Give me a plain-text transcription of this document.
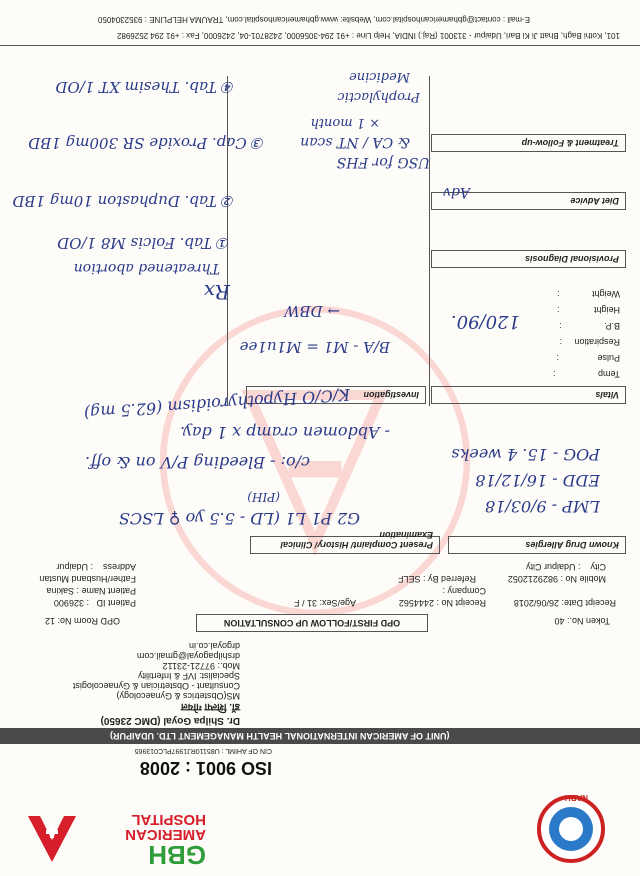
NABH
GBH
AMERICAN
HOSPITAL
ISO 9001 : 2008
CIN OF AHIML : U85110RJ1997PLC013965
(UNIT OF AMERICAN INTERNATIONAL HEALTH MANAGEMENT LTD. UDAIPUR)
Dr. Shilpa Goyal (DMC 23650)
डॉ. शिल्पा गोयल
MS(Obstetrics & Gynaecology)
Consultant - Obstetrician & Gynaecologist
Specialist: IVF & Infertility
Mob.: 97721-23112
drshilpagoyal@gmail.com
drgoyal.co.in
Token No.: 40
OPD FIRST/FOLLOW UP CONSULTATION
OPD Room No: 12
Receipt Date: 26/06/2018
Receipt No : 2444562
Age/Sex: 31 / F
Patient ID   : 326900
Company :
Patient Name : Sakina
Mobile No : 9829212052
Referred By : SELF
Father/Husband Mustan
City    : Udaipur City
Address    : Udaipur
Known Drug Allergies
Present Complaint/ History/ Clinical Examination
Vitals
Temp :
Pulse :
Respiration :
B.P. :
Height :
Weight :
Provisional Diagnosis
Diet Advice
Treatment & Follow-up
Investigation
G2 P1 L1 (LD - 5.5 yo ♀ LSCS
(PIH)	LMP - 9/03/18
EDD - 16/12/18
POG - 15. 4 weeks
c/o: - Bleeding P/V on & off.
- Abdomen cramp x 1 day.
K/C/O Hypothyroidism (62.5 mg)
120/90.
B/A - M1 = M1u1ee
→ DBW
Rx
Threatened abortion
① Tab. Folcis M8 1/OD
② Tab. Duphaston 10mg 1BD
③ Cap. Proxide SR 300mg 1BD
④ Tab. Thesim XT 1/OD
Adv
USG for FHS
& CA / NT scan
× 1 month
Prophylactic
Medicine
101, Kothi Bagh, Bhatt Ji Ki Bari, Udaipur - 313001 (Raj.) INDIA, Help Line : +91 294-3056000, 2428701-04, 2426000, Fax : +91 294 2526982
E-mail : contact@gbhamericanhospital.com, Website: www.gbhamericanhospital.com, TRAUMA HELPLINE : 9352304050
